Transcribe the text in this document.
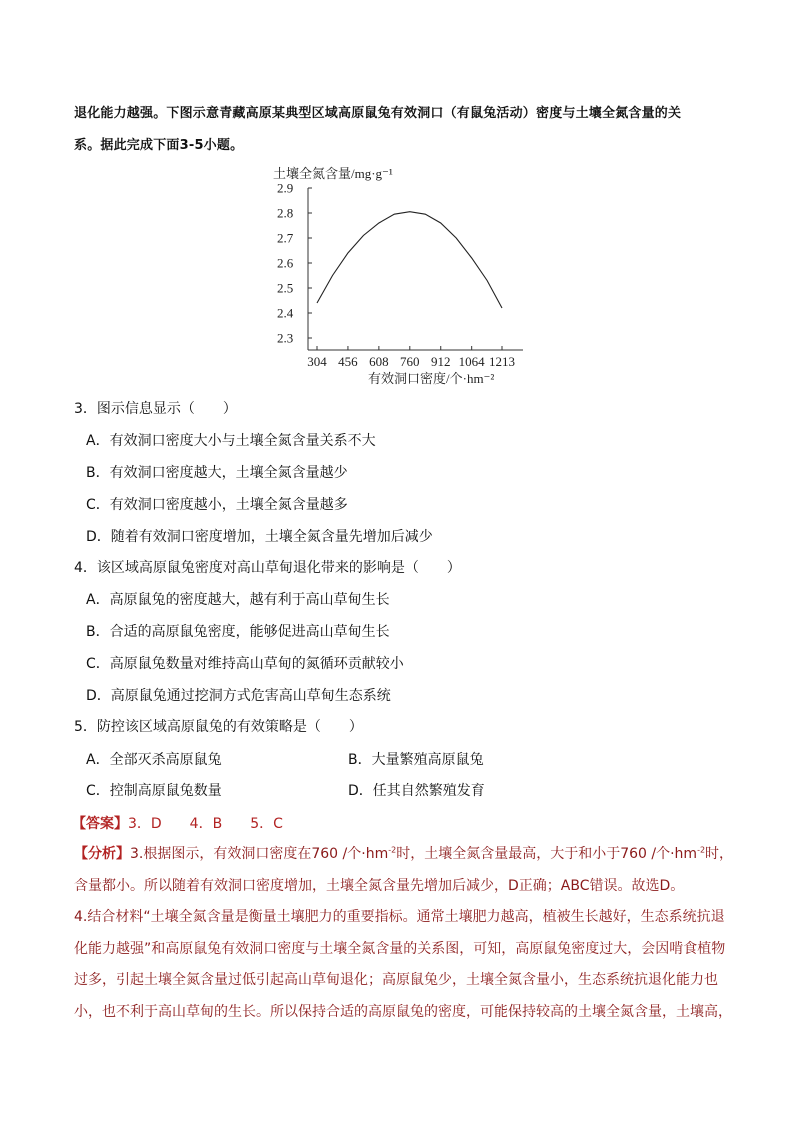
退化能力越强。下图示意青藏高原某典型区域高原鼠兔有效洞口（有鼠兔活动）密度与土壤全氮含量的关
系。据此完成下面3-5小题。
土壤全氮含量/mg·g⁻¹
2.3
2.4
2.5
2.6
2.7
2.8
2.9
304 456 608 760 912 1064 1213
有效洞口密度/个·hm⁻²
3．图示信息显示（　　）
A．有效洞口密度大小与土壤全氮含量关系不大
B．有效洞口密度越大，土壤全氮含量越少
C．有效洞口密度越小，土壤全氮含量越多
D．随着有效洞口密度增加，土壤全氮含量先增加后减少
4．该区域高原鼠兔密度对高山草甸退化带来的影响是（　　）
A．高原鼠兔的密度越大，越有利于高山草甸生长
B．合适的高原鼠兔密度，能够促进高山草甸生长
C．高原鼠兔数量对维持高山草甸的氮循环贡献较小
D．高原鼠兔通过挖洞方式危害高山草甸生态系统
5．防控该区域高原鼠兔的有效策略是（　　）
A．全部灭杀高原鼠兔	B．大量繁殖高原鼠兔
C．控制高原鼠兔数量	D．任其自然繁殖发育
【答案】3．D　　4．B　　5．C

【分析】3.根据图示，有效洞口密度在760 /个$\cdot hm^{-2}$时，土壤全氮含量最高，大于和小于760 /个$\cdot hm^{-2}$时，含量都小。所以随着有效洞口密度增加，土壤全氮含量先增加后减少，D正确；ABC错误。故选D。

4.结合材料“土壤全氮含量是衡量土壤肥力的重要指标。通常土壤肥力越高，植被生长越好，生态系统抗退化能力越强”和高原鼠兔有效洞口密度与土壤全氮含量的关系图，可知，高原鼠兔密度过大，会因啃食植物过多，引起土壤全氮含量过低引起高山草甸退化；高原鼠兔少，土壤全氮含量小，生态系统抗退化能力也小，也不利于高山草甸的生长。所以保持合适的高原鼠兔的密度，可能保持较高的土壤全氮含量，土壤高，
